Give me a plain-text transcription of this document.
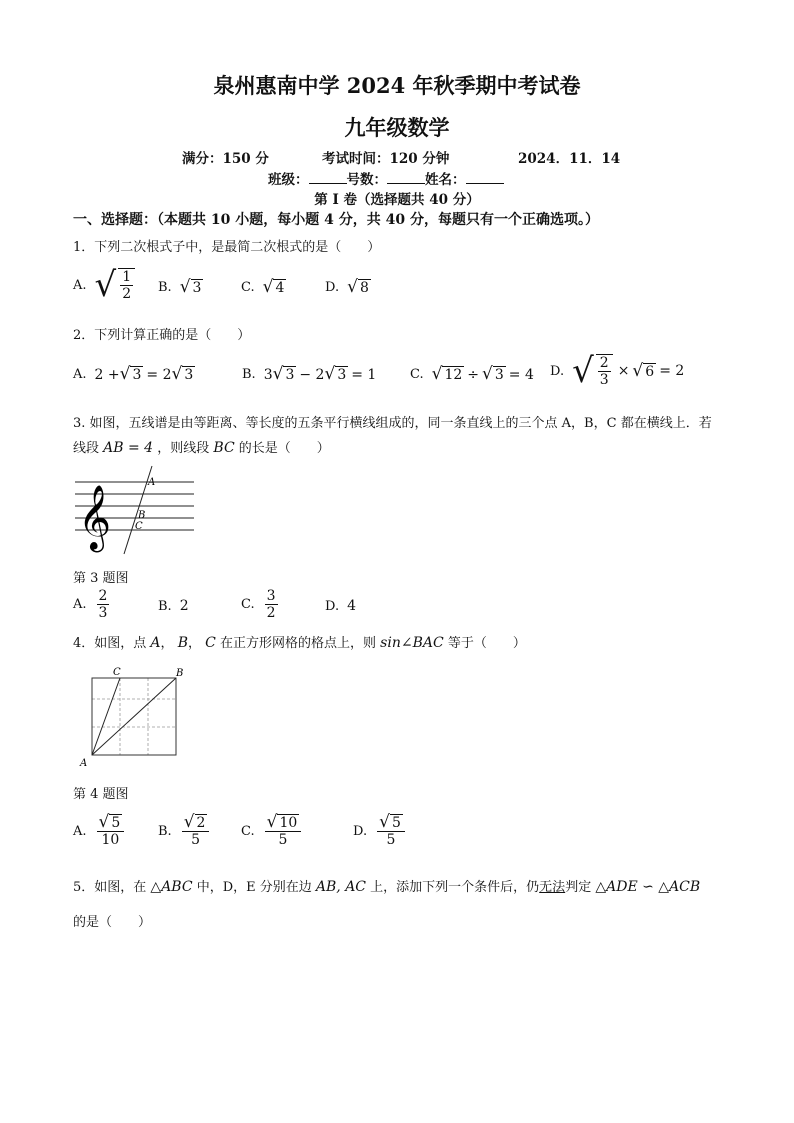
泉州惠南中学 2024 年秋季期中考试卷
九年级数学
满分：150 分	考试时间：120 分钟	2024．11．14
班级：	号数：	姓名：
第 I 卷（选择题共 40 分）
一、选择题：（本题共 10 小题，每小题 4 分，共 40 分，每题只有一个正确选项。）
1．下列二次根式子中，是最简二次根式的是（　　）
A. √ $\frac{1}{2} B$. √ 3	C. √ 4	D. √ 8
2．下列计算正确的是（　　）
A. 2 + √ 3 = 2 √ 3	B. 3 √ 3 − 2 √ 3 = 1	C. √ 12 ÷ √ 3 = 4 D. √ $\frac{2}{3}$ × √ 6 = 2
3. 如图，五线谱是由等距离、等长度的五条平行横线组成的，同一条直线上的三个点 A，B，C 都在横线上．若
线段 AB = 4 ，则线段 BC 的长是（　　）
𝄞
A
B
C
第 3 题图
A. $\frac{2}{3}$	B. 2	C. $\frac{3}{2}$	D. 4
4．如图，点 A， B， C 在正方形网格的格点上，则 sin∠BAC 等于（　　）
A
B
C
第 4 题图
A. $\frac{√ 5}{10}$	B. $\frac{√ 2}{5} C$. $\frac{√ 10}{5}$	D. $\frac{√ 5}{5}$
5．如图，在 △ABC 中，D，E 分别在边 AB, AC 上，添加下列一个条件后，仍无法判定 △ADE ∽ △ACB
的是（　　）
